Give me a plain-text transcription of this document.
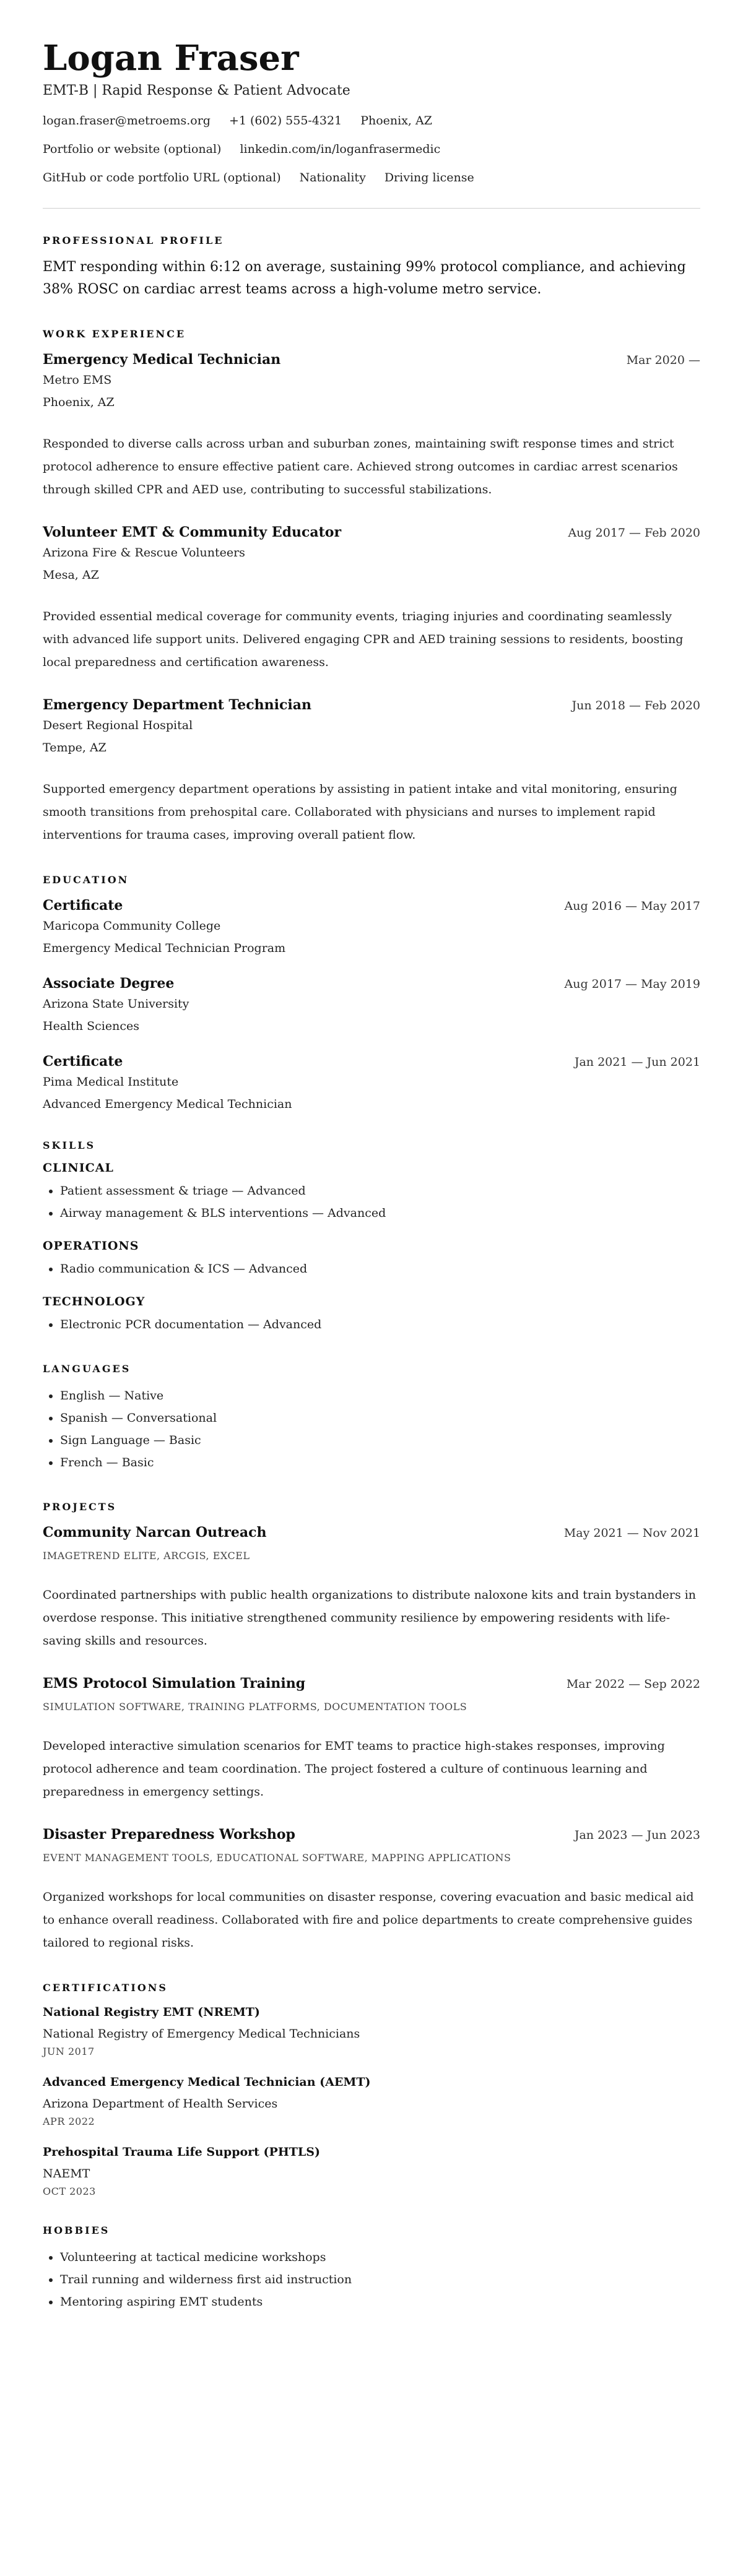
Logan Fraser
EMT-B | Rapid Response & Patient Advocate
logan.fraser@metroems.org +1 (602) 555-4321 Phoenix, AZ
Portfolio or website (optional) linkedin.com/in/loganfrasermedic
GitHub or code portfolio URL (optional) Nationality Driving license
PROFESSIONAL PROFILE

EMT responding within 6:12 on average, sustaining 99% protocol compliance, and achieving 38% ROSC on cardiac arrest teams across a high-volume metro service.

WORK EXPERIENCE
Emergency Medical Technician	Mar 2020 —
Metro EMS
Phoenix, AZ
Responded to diverse calls across urban and suburban zones, maintaining swift response times and strict protocol adherence to ensure effective patient care. Achieved strong outcomes in cardiac arrest scenarios through skilled CPR and AED use, contributing to successful stabilizations.
Volunteer EMT & Community Educator	Aug 2017 — Feb 2020
Arizona Fire & Rescue Volunteers
Mesa, AZ
Provided essential medical coverage for community events, triaging injuries and coordinating seamlessly with advanced life support units. Delivered engaging CPR and AED training sessions to residents, boosting local preparedness and certification awareness.
Emergency Department Technician	Jun 2018 — Feb 2020
Desert Regional Hospital
Tempe, AZ
Supported emergency department operations by assisting in patient intake and vital monitoring, ensuring smooth transitions from prehospital care. Collaborated with physicians and nurses to implement rapid interventions for trauma cases, improving overall patient flow.
EDUCATION
Certificate	Aug 2016 — May 2017
Maricopa Community College
Emergency Medical Technician Program
Associate Degree	Aug 2017 — May 2019
Arizona State University
Health Sciences
Certificate	Jan 2021 — Jun 2021
Pima Medical Institute
Advanced Emergency Medical Technician
SKILLS
CLINICAL
• Patient assessment & triage — Advanced
• Airway management & BLS interventions — Advanced
OPERATIONS
• Radio communication & ICS — Advanced
TECHNOLOGY
• Electronic PCR documentation — Advanced
LANGUAGES
• English — Native
• Spanish — Conversational
• Sign Language — Basic
• French — Basic
PROJECTS
Community Narcan Outreach	May 2021 — Nov 2021
IMAGETREND ELITE, ARCGIS, EXCEL
Coordinated partnerships with public health organizations to distribute naloxone kits and train bystanders in overdose response. This initiative strengthened community resilience by empowering residents with life-saving skills and resources.
EMS Protocol Simulation Training	Mar 2022 — Sep 2022
SIMULATION SOFTWARE, TRAINING PLATFORMS, DOCUMENTATION TOOLS
Developed interactive simulation scenarios for EMT teams to practice high-stakes responses, improving protocol adherence and team coordination. The project fostered a culture of continuous learning and preparedness in emergency settings.
Disaster Preparedness Workshop	Jan 2023 — Jun 2023
EVENT MANAGEMENT TOOLS, EDUCATIONAL SOFTWARE, MAPPING APPLICATIONS
Organized workshops for local communities on disaster response, covering evacuation and basic medical aid to enhance overall readiness. Collaborated with fire and police departments to create comprehensive guides tailored to regional risks.
CERTIFICATIONS
National Registry EMT (NREMT)
National Registry of Emergency Medical Technicians
JUN 2017
Advanced Emergency Medical Technician (AEMT)
Arizona Department of Health Services
APR 2022
Prehospital Trauma Life Support (PHTLS)
NAEMT
OCT 2023
HOBBIES
• Volunteering at tactical medicine workshops
• Trail running and wilderness first aid instruction
• Mentoring aspiring EMT students
